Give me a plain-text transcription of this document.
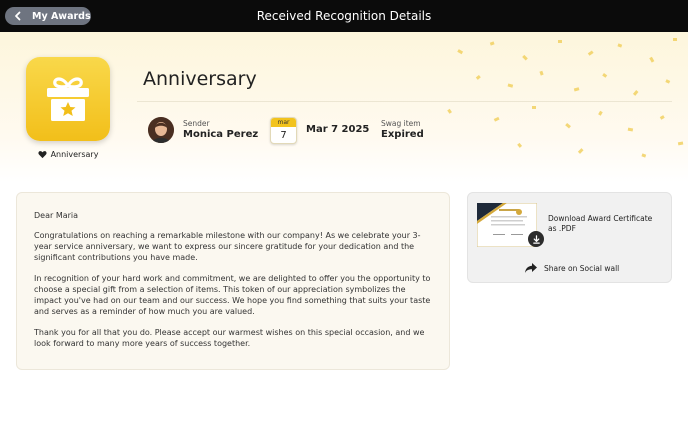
My Awards	Received Recognition Details
Anniversary
Anniversary
Sender
Monica Perez
mar
7
Mar 7 2025
Swag item
Expired

Dear Maria

Congratulations on reaching a remarkable milestone with our company! As we celebrate your 3-year service anniversary, we want to express our sincere gratitude for your dedication and the significant contributions you have made.

In recognition of your hard work and commitment, we are delighted to offer you the opportunity to choose a special gift from a selection of items. This token of our appreciation symbolizes the impact you've had on our team and our success. We hope you find something that suits your taste and serves as a reminder of how much you are valued.

Thank you for all that you do. Please accept our warmest wishes on this special occasion, and we look forward to many more years of success together.

Download Award Certificate as .PDF
Share on Social wall
